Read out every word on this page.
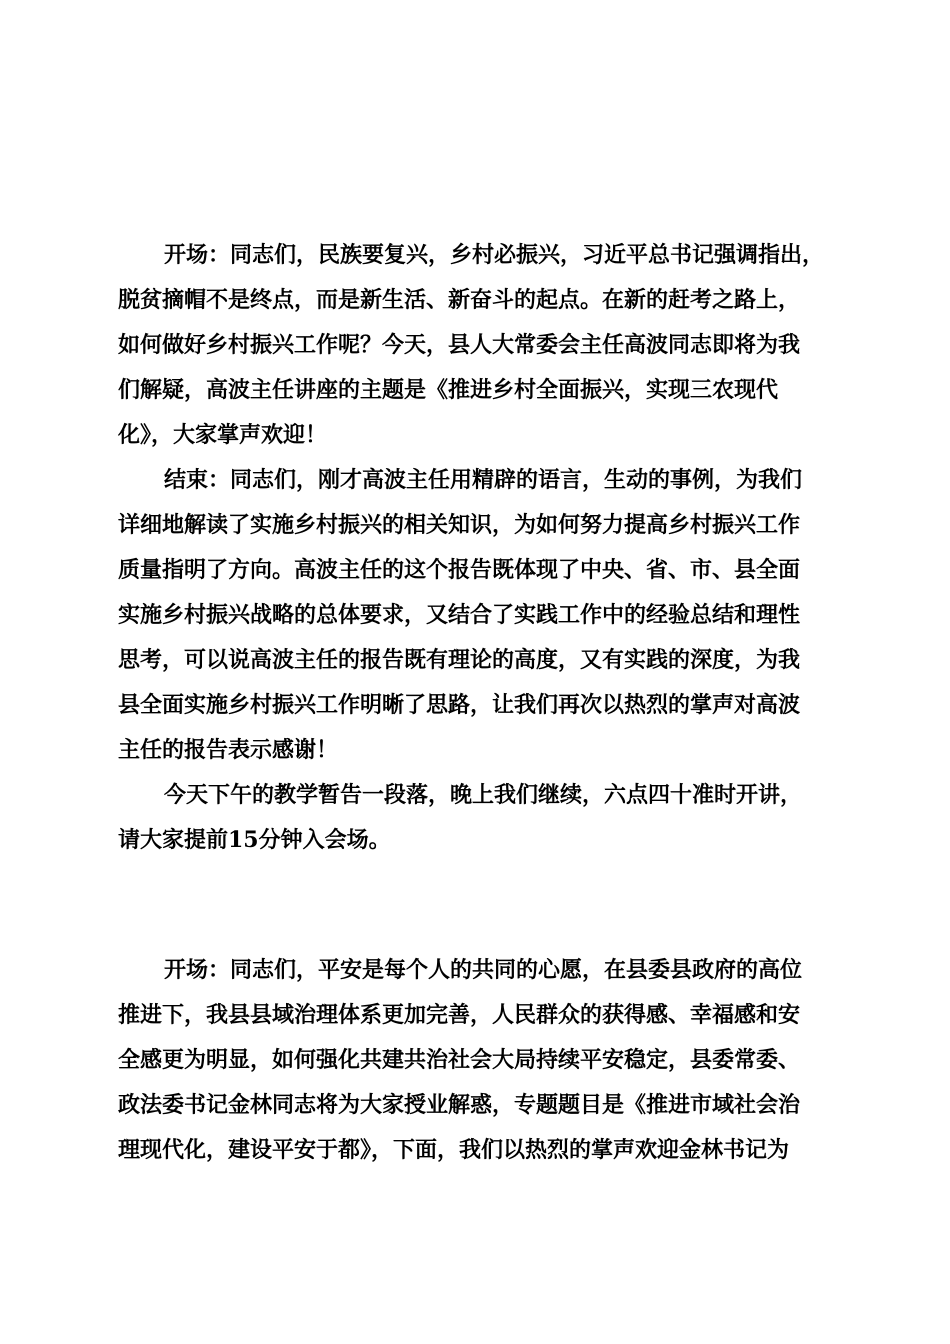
开场：同志们，民族要复兴，乡村必振兴，习近平总书记强调指出，
脱贫摘帽不是终点，而是新生活、新奋斗的起点。在新的赶考之路上，
如何做好乡村振兴工作呢？今天，县人大常委会主任高波同志即将为我
们解疑，高波主任讲座的主题是《推进乡村全面振兴，实现三农现代
化》，大家掌声欢迎！
结束：同志们，刚才高波主任用精辟的语言，生动的事例，为我们
详细地解读了实施乡村振兴的相关知识，为如何努力提高乡村振兴工作
质量指明了方向。高波主任的这个报告既体现了中央、省、市、县全面
实施乡村振兴战略的总体要求，又结合了实践工作中的经验总结和理性
思考，可以说高波主任的报告既有理论的高度，又有实践的深度，为我
县全面实施乡村振兴工作明晰了思路，让我们再次以热烈的掌声对高波
主任的报告表示感谢！
今天下午的教学暂告一段落，晚上我们继续，六点四十准时开讲，
请大家提前15分钟入会场。
开场：同志们，平安是每个人的共同的心愿，在县委县政府的高位
推进下，我县县域治理体系更加完善，人民群众的获得感、幸福感和安
全感更为明显，如何强化共建共治社会大局持续平安稳定，县委常委、
政法委书记金林同志将为大家授业解惑，专题题目是《推进市域社会治
理现代化，建设平安于都》，下面，我们以热烈的掌声欢迎金林书记为
